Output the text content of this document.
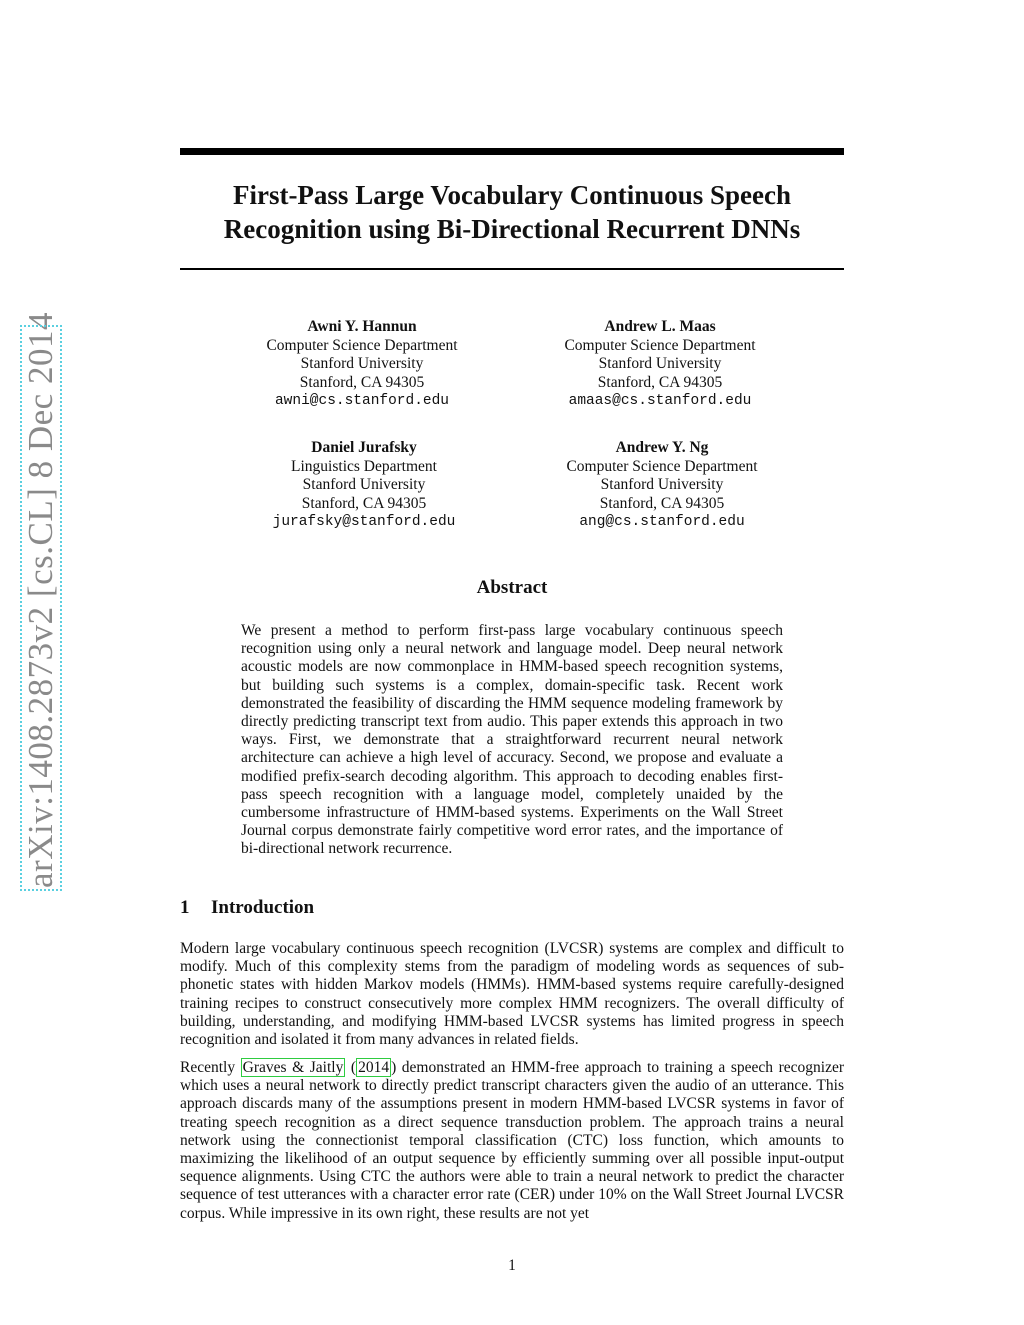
arXiv:1408.2873v2 [cs.CL] 8 Dec 2014
First-Pass Large Vocabulary Continuous Speech
Recognition using Bi-Directional Recurrent DNNs
Awni Y. Hannun
Computer Science Department
Stanford University
Stanford, CA 94305
awni@cs.stanford.edu
Andrew L. Maas
Computer Science Department
Stanford University
Stanford, CA 94305
amaas@cs.stanford.edu
Daniel Jurafsky
Linguistics Department
Stanford University
Stanford, CA 94305
jurafsky@stanford.edu
Andrew Y. Ng
Computer Science Department
Stanford University
Stanford, CA 94305
ang@cs.stanford.edu
Abstract
We present a method to perform first-pass large vocabulary continuous speech recognition using only a neural network and language model. Deep neural network acoustic models are now commonplace in HMM-based speech recognition systems, but building such systems is a complex, domain-specific task. Recent work demonstrated the feasibility of discarding the HMM sequence modeling framework by directly predicting transcript text from audio. This paper extends this approach in two ways. First, we demonstrate that a straightforward recurrent neural network architecture can achieve a high level of accuracy. Second, we propose and evaluate a modified prefix-search decoding algorithm. This approach to decoding enables first-pass speech recognition with a language model, completely unaided by the cumbersome infrastructure of HMM-based systems. Experiments on the Wall Street Journal corpus demonstrate fairly competitive word error rates, and the importance of bi-directional network recurrence.
1 Introduction

Modern large vocabulary continuous speech recognition (LVCSR) systems are complex and difficult to modify. Much of this complexity stems from the paradigm of modeling words as sequences of sub-phonetic states with hidden Markov models (HMMs). HMM-based systems require carefully-designed training recipes to construct consecutively more complex HMM recognizers. The overall difficulty of building, understanding, and modifying HMM-based LVCSR systems has limited progress in speech recognition and isolated it from many advances in related fields.

Recently Graves & Jaitly ( 2014 ) demonstrated an HMM-free approach to training a speech recognizer which uses a neural network to directly predict transcript characters given the audio of an utterance. This approach discards many of the assumptions present in modern HMM-based LVCSR systems in favor of treating speech recognition as a direct sequence transduction problem. The approach trains a neural network using the connectionist temporal classification (CTC) loss function, which amounts to maximizing the likelihood of an output sequence by efficiently summing over all possible input-output sequence alignments. Using CTC the authors were able to train a neural network to predict the character sequence of test utterances with a character error rate (CER) under 10% on the Wall Street Journal LVCSR corpus. While impressive in its own right, these results are not yet

1
